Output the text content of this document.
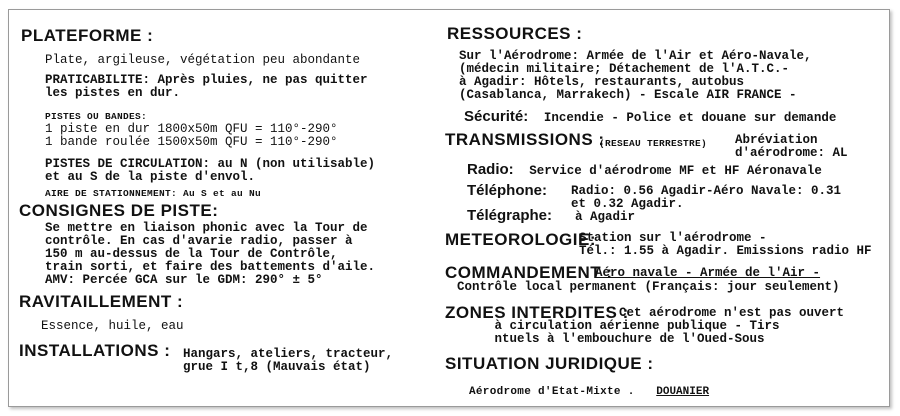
PLATEFORME :
Plate, argileuse, végétation peu abondante
PRATICABILITE: Après pluies, ne pas quitter
les pistes en dur.
PISTES OU BANDES:
1 piste en dur 1800x50m QFU = 110°-290°
1 bande roulée 1500x50m QFU = 110°-290°
PISTES DE CIRCULATION: au N (non utilisable)
et au S de la piste d'envol.
AIRE DE STATIONNEMENT: Au S et au Nu
CONSIGNES DE PISTE:
Se mettre en liaison phonic avec la Tour de
contrôle. En cas d'avarie radio, passer à
150 m au-dessus de la Tour de Contrôle,
train sorti, et faire des battements d'aile.
AMV: Percée GCA sur le GDM: 290° ± 5°
RAVITAILLEMENT :
Essence, huile, eau
INSTALLATIONS : Hangars, ateliers, tracteur,
grue I t,8 (Mauvais état)
RESSOURCES :
Sur l'Aérodrome: Armée de l'Air et Aéro-Navale,
(médecin militaire; Détachement de l'A.T.C.-
à Agadir: Hôtels, restaurants, autobus
(Casablanca, Marrakech) - Escale AIR FRANCE -
Sécurité: Incendie - Police et douane sur demande
TRANSMISSIONS :
(RESEAU TERRESTRE) Abréviation
d'aérodrome: AL
Radio: Service d'aérodrome MF et HF Aéronavale
Téléphone: Radio: 0.56 Agadir-Aéro Navale: 0.31
et 0.32 Agadir.
Télégraphe: à Agadir
METEOROLOGIE:
Station sur l'aérodrome -
Tél.: 1.55 à Agadir. Emissions radio HF
COMMANDEMENT :
Aéro navale - Armée de l'Air -
Contrôle local permanent (Français: jour seulement)
ZONES INTERDITES :
Cet aérodrome n'est pas ouvert

à circulation aérienne publique - Tirs
ntuels à l'embouchure de l'Oued-Sous
SITUATION JURIDIQUE :
Aérodrome d'Etat-Mixte . DOUANIER
